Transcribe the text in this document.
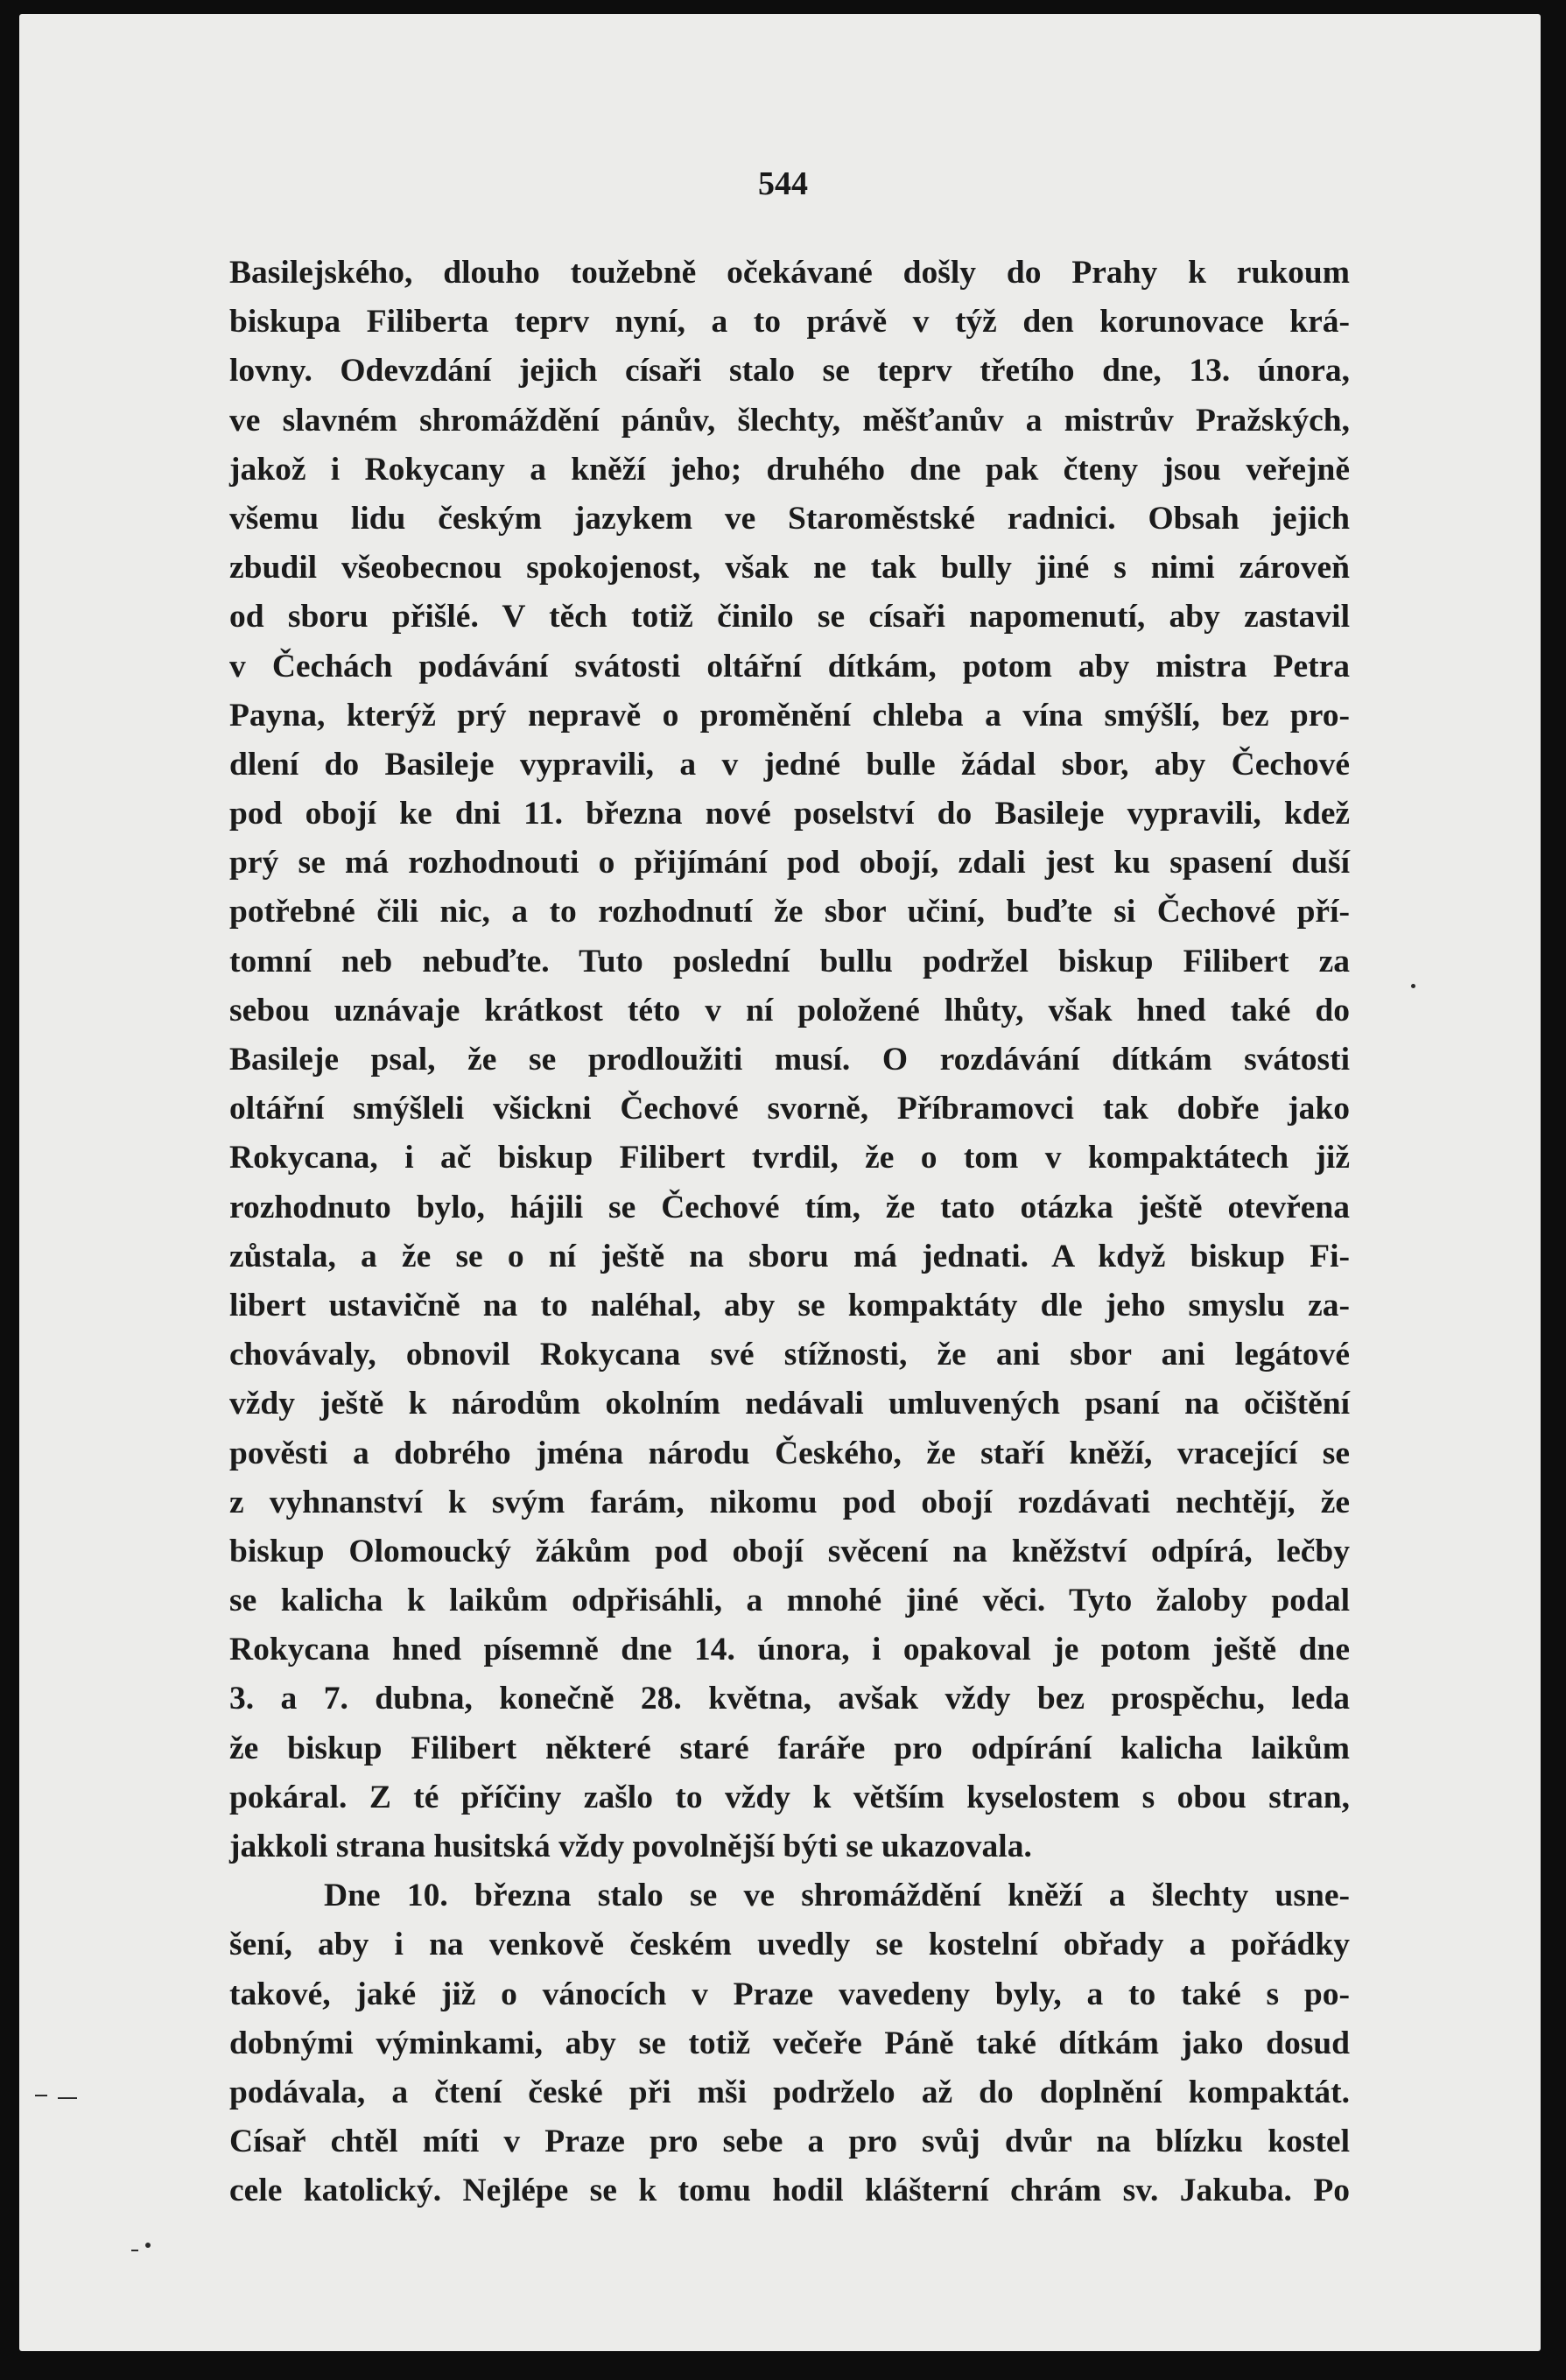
544
Basilejského, dlouho toužebně očekávané došly do Prahy k rukoum
biskupa Filiberta teprv nyní, a to právě v týž den korunovace krá-
lovny. Odevzdání jejich císaři stalo se teprv třetího dne, 13. února,
ve slavném shromáždění pánův, šlechty, měšťanův a mistrův Pražských,
jakož i Rokycany a kněží jeho; druhého dne pak čteny jsou veřejně
všemu lidu českým jazykem ve Staroměstské radnici. Obsah jejich
zbudil všeobecnou spokojenost, však ne tak bully jiné s nimi zároveň
od sboru přišlé. V těch totiž činilo se císaři napomenutí, aby zastavil
v Čechách podávání svátosti oltářní dítkám, potom aby mistra Petra
Payna, kterýž prý nepravě o proměnění chleba a vína smýšlí, bez pro-
dlení do Basileje vypravili, a v jedné bulle žádal sbor, aby Čechové
pod obojí ke dni 11. března nové poselství do Basileje vypravili, kdež
prý se má rozhodnouti o přijímání pod obojí, zdali jest ku spasení duší
potřebné čili nic, a to rozhodnutí že sbor učiní, buďte si Čechové pří-
tomní neb nebuďte. Tuto poslední bullu podržel biskup Filibert za
sebou uznávaje krátkost této v ní položené lhůty, však hned také do
Basileje psal, že se prodloužiti musí. O rozdávání dítkám svátosti
oltářní smýšleli všickni Čechové svorně, Příbramovci tak dobře jako
Rokycana, i ač biskup Filibert tvrdil, že o tom v kompaktátech již
rozhodnuto bylo, hájili se Čechové tím, že tato otázka ještě otevřena
zůstala, a že se o ní ještě na sboru má jednati. A když biskup Fi-
libert ustavičně na to naléhal, aby se kompaktáty dle jeho smyslu za-
chovávaly, obnovil Rokycana své stížnosti, že ani sbor ani legátové
vždy ještě k národům okolním nedávali umluvených psaní na očištění
pověsti a dobrého jména národu Českého, že staří kněží, vracející se
z vyhnanství k svým farám, nikomu pod obojí rozdávati nechtějí, že
biskup Olomoucký žákům pod obojí svěcení na kněžství odpírá, lečby
se kalicha k laikům odpřisáhli, a mnohé jiné věci. Tyto žaloby podal
Rokycana hned písemně dne 14. února, i opakoval je potom ještě dne
3. a 7. dubna, konečně 28. května, avšak vždy bez prospěchu, leda
že biskup Filibert některé staré faráře pro odpírání kalicha laikům
pokáral. Z té příčiny zašlo to vždy k větším kyselostem s obou stran,
jakkoli strana husitská vždy povolnější býti se ukazovala.
Dne 10. března stalo se ve shromáždění kněží a šlechty usne-
šení, aby i na venkově českém uvedly se kostelní obřady a pořádky
takové, jaké již o vánocích v Praze vavedeny byly, a to také s po-
dobnými výminkami, aby se totiž večeře Páně také dítkám jako dosud
podávala, a čtení české při mši podrželo až do doplnění kompaktát.
Císař chtěl míti v Praze pro sebe a pro svůj dvůr na blízku kostel
cele katolický. Nejlépe se k tomu hodil klášterní chrám sv. Jakuba. Po
